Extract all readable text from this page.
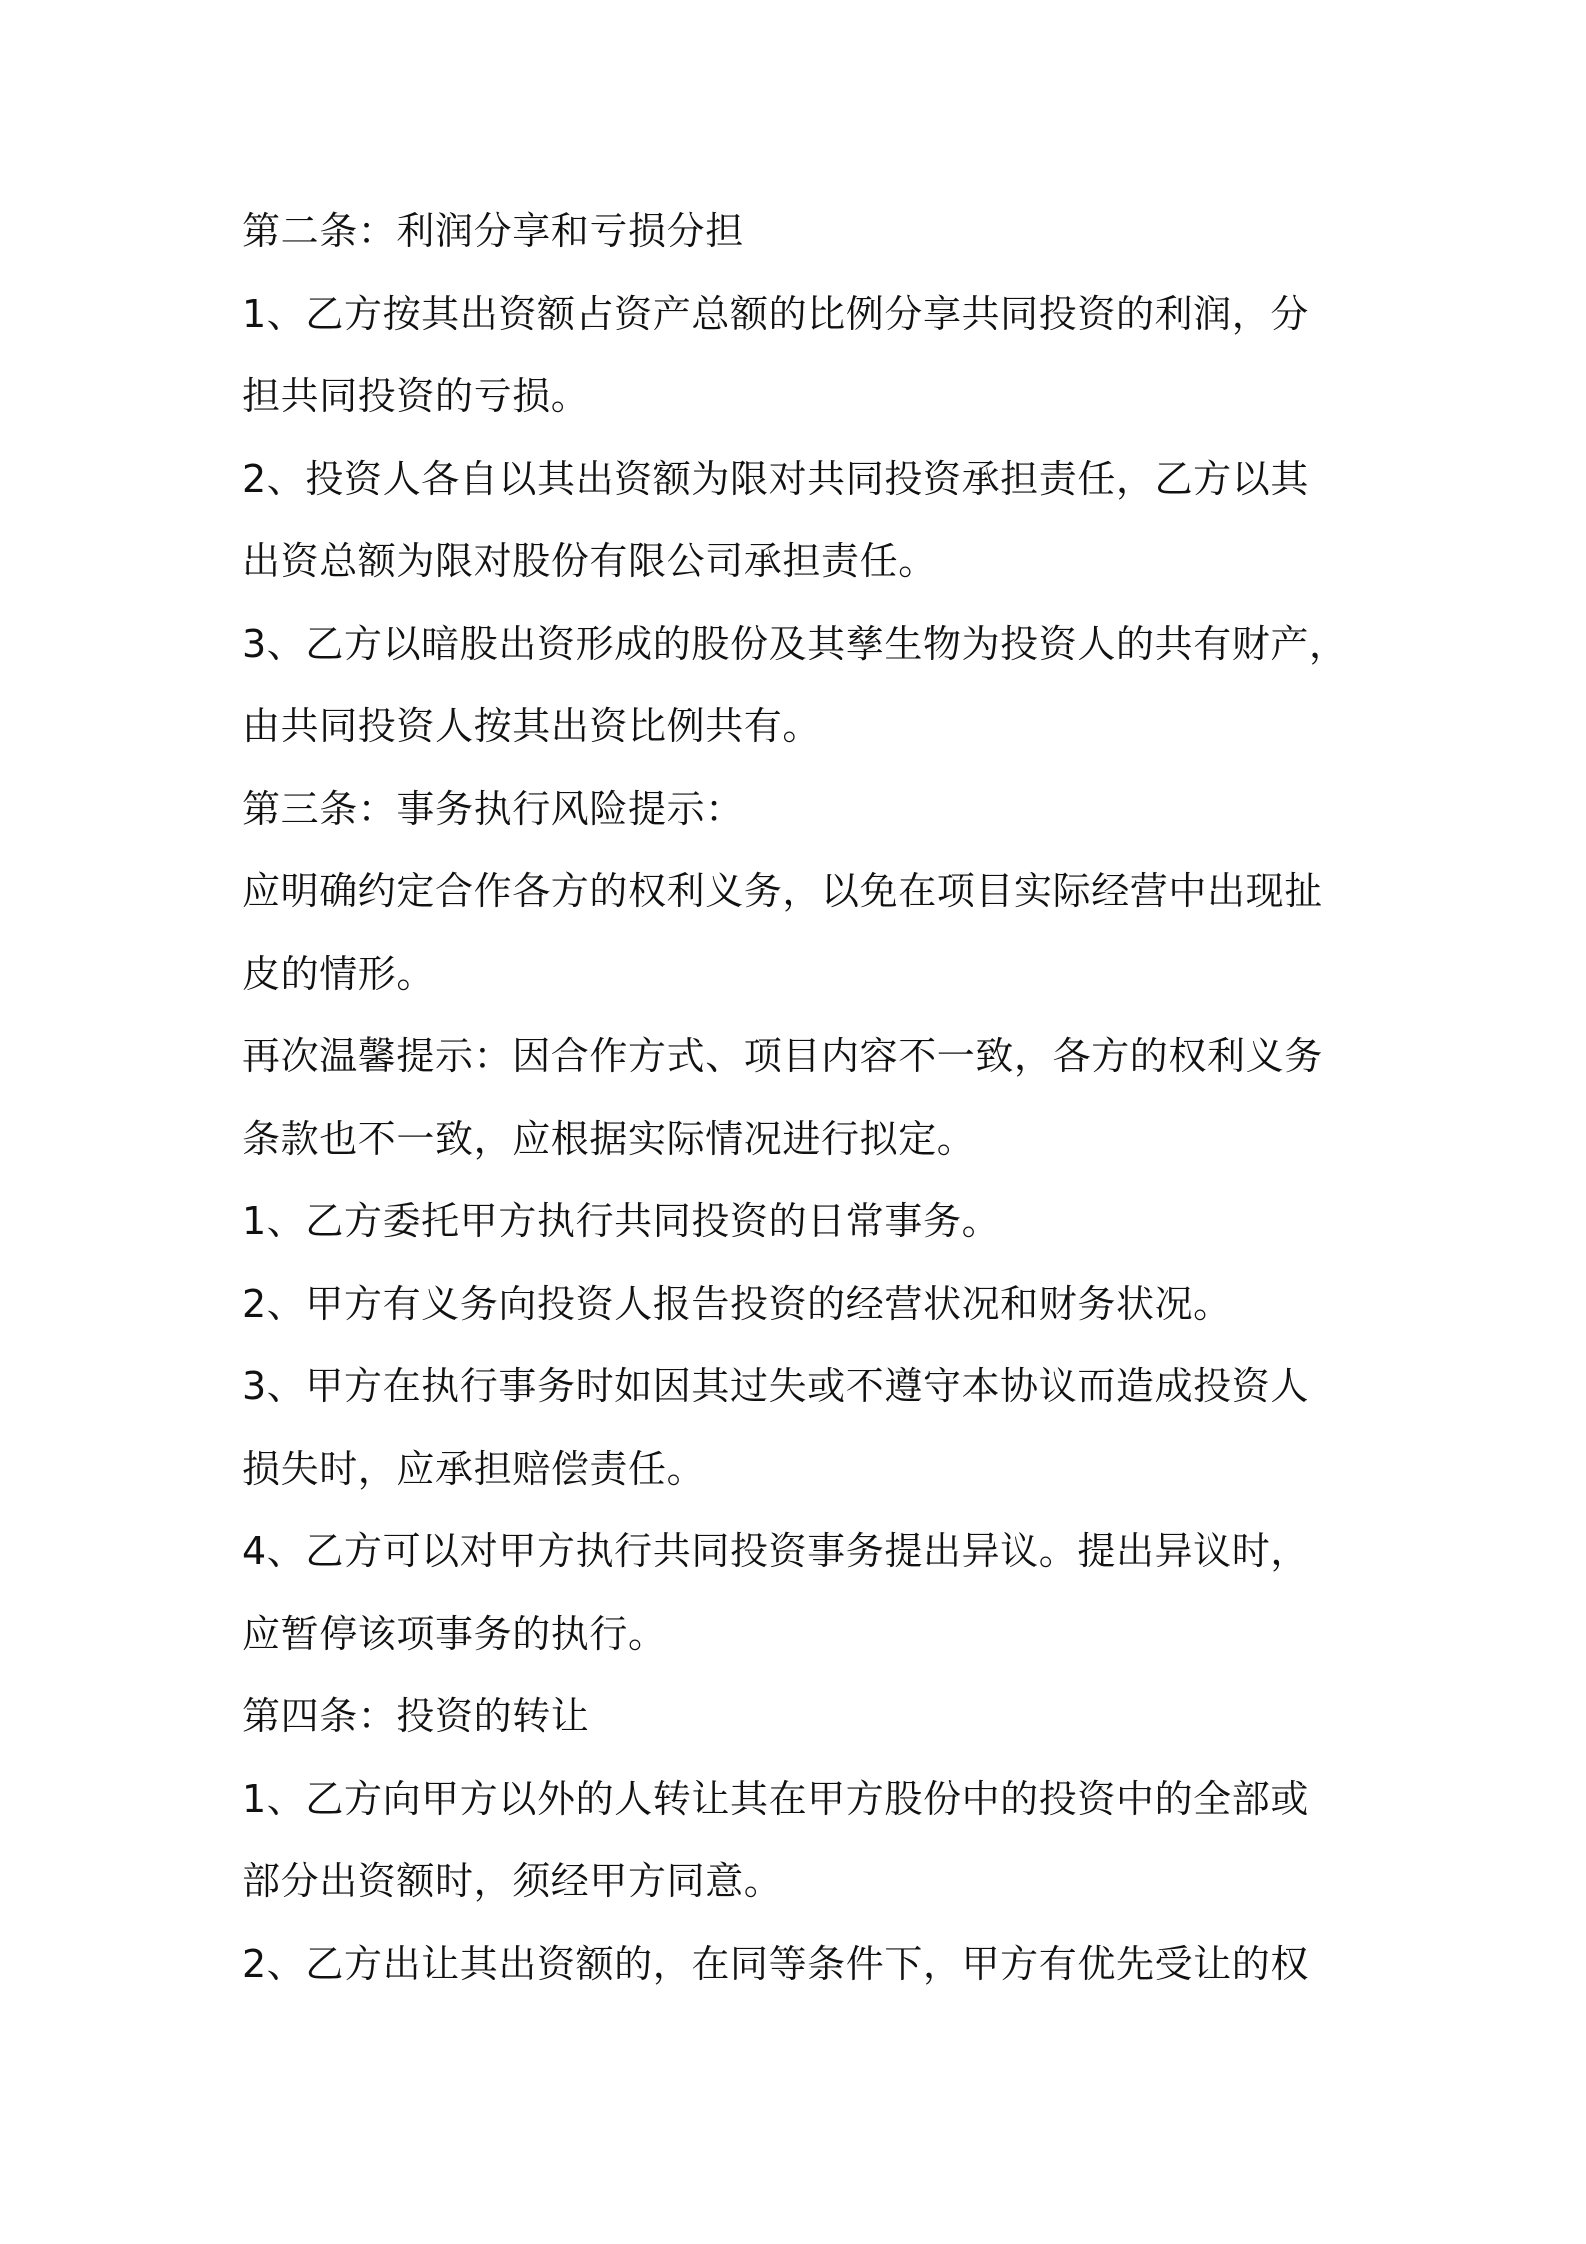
第二条：利润分享和亏损分担
1、乙方按其出资额占资产总额的比例分享共同投资的利润，分
担共同投资的亏损。
2、投资人各自以其出资额为限对共同投资承担责任，乙方以其
出资总额为限对股份有限公司承担责任。
3、乙方以暗股出资形成的股份及其孳生物为投资人的共有财产，
由共同投资人按其出资比例共有。
第三条：事务执行风险提示：
应明确约定合作各方的权利义务，以免在项目实际经营中出现扯
皮的情形。
再次温馨提示：因合作方式、项目内容不一致，各方的权利义务
条款也不一致，应根据实际情况进行拟定。
1、乙方委托甲方执行共同投资的日常事务。
2、甲方有义务向投资人报告投资的经营状况和财务状况。
3、甲方在执行事务时如因其过失或不遵守本协议而造成投资人
损失时，应承担赔偿责任。
4、乙方可以对甲方执行共同投资事务提出异议。提出异议时，
应暂停该项事务的执行。
第四条：投资的转让
1、乙方向甲方以外的人转让其在甲方股份中的投资中的全部或
部分出资额时，须经甲方同意。
2、乙方出让其出资额的，在同等条件下，甲方有优先受让的权
